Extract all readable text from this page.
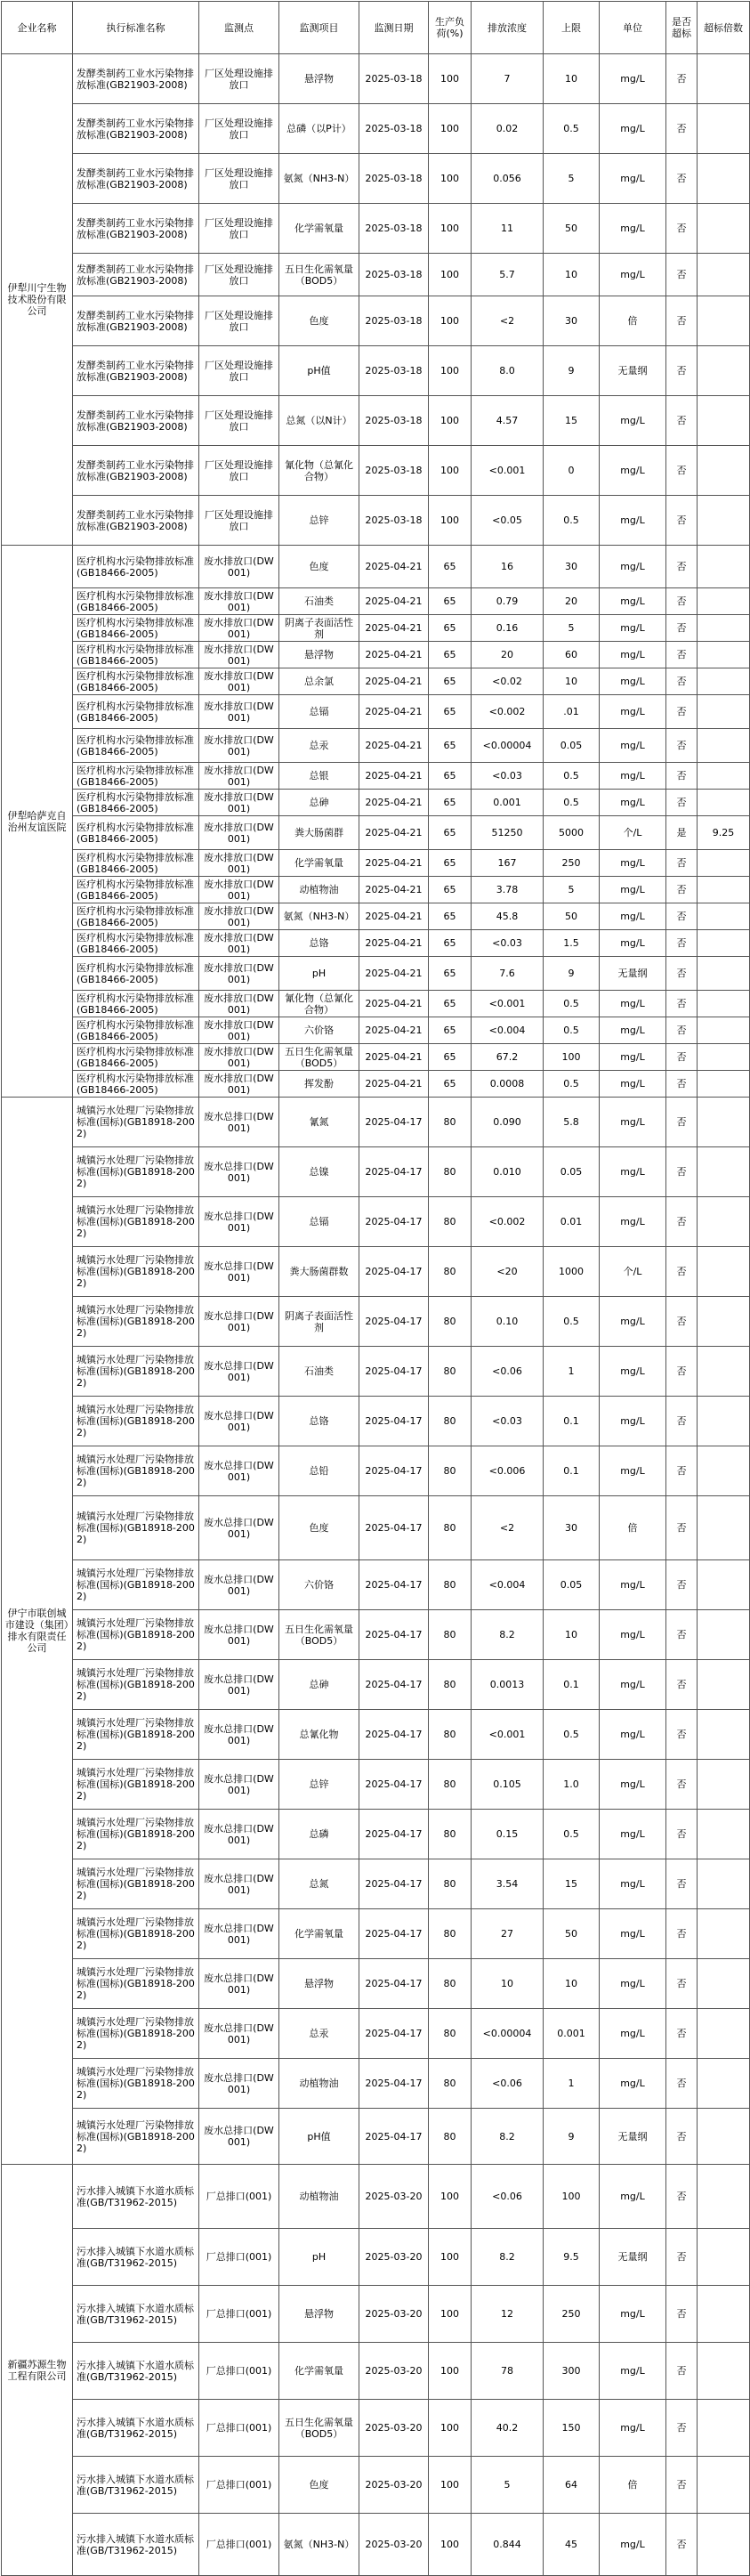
企业名称	执行标准名称	监测点	监测项目	监测日期	生产负荷(%)	排放浓度	上限	单位	是否超标	超标倍数
伊犁川宁生物技术股份有限公司	发酵类制药工业水污染物排放标准(GB21903-2008)	厂区处理设施排放口	悬浮物	2025-03-18	100	7	10	mg/L	否	
	发酵类制药工业水污染物排放标准(GB21903-2008)	厂区处理设施排放口	总磷（以P计）	2025-03-18	100	0.02	0.5	mg/L	否	
	发酵类制药工业水污染物排放标准(GB21903-2008)	厂区处理设施排放口	氨氮（NH3-N）	2025-03-18	100	0.056	5	mg/L	否	
	发酵类制药工业水污染物排放标准(GB21903-2008)	厂区处理设施排放口	化学需氧量	2025-03-18	100	11	50	mg/L	否	
	发酵类制药工业水污染物排放标准(GB21903-2008)	厂区处理设施排放口	五日生化需氧量（BOD5）	2025-03-18	100	5.7	10	mg/L	否	
	发酵类制药工业水污染物排放标准(GB21903-2008)	厂区处理设施排放口	色度	2025-03-18	100	<2	30	倍	否	
	发酵类制药工业水污染物排放标准(GB21903-2008)	厂区处理设施排放口	pH值	2025-03-18	100	8.0	9	无量纲	否	
	发酵类制药工业水污染物排放标准(GB21903-2008)	厂区处理设施排放口	总氮（以N计）	2025-03-18	100	4.57	15	mg/L	否	
	发酵类制药工业水污染物排放标准(GB21903-2008)	厂区处理设施排放口	氰化物（总氰化合物）	2025-03-18	100	<0.001	0	mg/L	否	
	发酵类制药工业水污染物排放标准(GB21903-2008)	厂区处理设施排放口	总锌	2025-03-18	100	<0.05	0.5	mg/L	否	
伊犁哈萨克自治州友谊医院	医疗机构水污染物排放标准(GB18466-2005)	废水排放口(DW001)	色度	2025-04-21	65	16	30	mg/L	否	
	医疗机构水污染物排放标准(GB18466-2005)	废水排放口(DW001)	石油类	2025-04-21	65	0.79	20	mg/L	否	
	医疗机构水污染物排放标准(GB18466-2005)	废水排放口(DW001)	阴离子表面活性剂	2025-04-21	65	0.16	5	mg/L	否	
	医疗机构水污染物排放标准(GB18466-2005)	废水排放口(DW001)	悬浮物	2025-04-21	65	20	60	mg/L	否	
	医疗机构水污染物排放标准(GB18466-2005)	废水排放口(DW001)	总余氯	2025-04-21	65	<0.02	10	mg/L	否	
	医疗机构水污染物排放标准(GB18466-2005)	废水排放口(DW001)	总镉	2025-04-21	65	<0.002	.01	mg/L	否	
	医疗机构水污染物排放标准(GB18466-2005)	废水排放口(DW001)	总汞	2025-04-21	65	<0.00004	0.05	mg/L	否	
	医疗机构水污染物排放标准(GB18466-2005)	废水排放口(DW001)	总银	2025-04-21	65	<0.03	0.5	mg/L	否	
	医疗机构水污染物排放标准(GB18466-2005)	废水排放口(DW001)	总砷	2025-04-21	65	0.001	0.5	mg/L	否	
	医疗机构水污染物排放标准(GB18466-2005)	废水排放口(DW001)	粪大肠菌群	2025-04-21	65	51250	5000	个/L	是	9.25
	医疗机构水污染物排放标准(GB18466-2005)	废水排放口(DW001)	化学需氧量	2025-04-21	65	167	250	mg/L	否	
	医疗机构水污染物排放标准(GB18466-2005)	废水排放口(DW001)	动植物油	2025-04-21	65	3.78	5	mg/L	否	
	医疗机构水污染物排放标准(GB18466-2005)	废水排放口(DW001)	氨氮（NH3-N）	2025-04-21	65	45.8	50	mg/L	否	
	医疗机构水污染物排放标准(GB18466-2005)	废水排放口(DW001)	总铬	2025-04-21	65	<0.03	1.5	mg/L	否	
	医疗机构水污染物排放标准(GB18466-2005)	废水排放口(DW001)	pH	2025-04-21	65	7.6	9	无量纲	否	
	医疗机构水污染物排放标准(GB18466-2005)	废水排放口(DW001)	氰化物（总氰化合物）	2025-04-21	65	<0.001	0.5	mg/L	否	
	医疗机构水污染物排放标准(GB18466-2005)	废水排放口(DW001)	六价铬	2025-04-21	65	<0.004	0.5	mg/L	否	
	医疗机构水污染物排放标准(GB18466-2005)	废水排放口(DW001)	五日生化需氧量（BOD5）	2025-04-21	65	67.2	100	mg/L	否	
	医疗机构水污染物排放标准(GB18466-2005)	废水排放口(DW001)	挥发酚	2025-04-21	65	0.0008	0.5	mg/L	否	
伊宁市联创城市建设（集团）排水有限责任公司	城镇污水处理厂污染物排放标准(国标)(GB18918-2002)	废水总排口(DW001)	氰氮	2025-04-17	80	0.090	5.8	mg/L	否	
	城镇污水处理厂污染物排放标准(国标)(GB18918-2002)	废水总排口(DW001)	总镍	2025-04-17	80	0.010	0.05	mg/L	否	
	城镇污水处理厂污染物排放标准(国标)(GB18918-2002)	废水总排口(DW001)	总镉	2025-04-17	80	<0.002	0.01	mg/L	否	
	城镇污水处理厂污染物排放标准(国标)(GB18918-2002)	废水总排口(DW001)	粪大肠菌群数	2025-04-17	80	<20	1000	个/L	否	
	城镇污水处理厂污染物排放标准(国标)(GB18918-2002)	废水总排口(DW001)	阴离子表面活性剂	2025-04-17	80	0.10	0.5	mg/L	否	
	城镇污水处理厂污染物排放标准(国标)(GB18918-2002)	废水总排口(DW001)	石油类	2025-04-17	80	<0.06	1	mg/L	否	
	城镇污水处理厂污染物排放标准(国标)(GB18918-2002)	废水总排口(DW001)	总铬	2025-04-17	80	<0.03	0.1	mg/L	否	
	城镇污水处理厂污染物排放标准(国标)(GB18918-2002)	废水总排口(DW001)	总铅	2025-04-17	80	<0.006	0.1	mg/L	否	
	城镇污水处理厂污染物排放标准(国标)(GB18918-2002)	废水总排口(DW001)	色度	2025-04-17	80	<2	30	倍	否	
	城镇污水处理厂污染物排放标准(国标)(GB18918-2002)	废水总排口(DW001)	六价铬	2025-04-17	80	<0.004	0.05	mg/L	否	
	城镇污水处理厂污染物排放标准(国标)(GB18918-2002)	废水总排口(DW001)	五日生化需氧量（BOD5）	2025-04-17	80	8.2	10	mg/L	否	
	城镇污水处理厂污染物排放标准(国标)(GB18918-2002)	废水总排口(DW001)	总砷	2025-04-17	80	0.0013	0.1	mg/L	否	
	城镇污水处理厂污染物排放标准(国标)(GB18918-2002)	废水总排口(DW001)	总氰化物	2025-04-17	80	<0.001	0.5	mg/L	否	
	城镇污水处理厂污染物排放标准(国标)(GB18918-2002)	废水总排口(DW001)	总锌	2025-04-17	80	0.105	1.0	mg/L	否	
	城镇污水处理厂污染物排放标准(国标)(GB18918-2002)	废水总排口(DW001)	总磷	2025-04-17	80	0.15	0.5	mg/L	否	
	城镇污水处理厂污染物排放标准(国标)(GB18918-2002)	废水总排口(DW001)	总氮	2025-04-17	80	3.54	15	mg/L	否	
	城镇污水处理厂污染物排放标准(国标)(GB18918-2002)	废水总排口(DW001)	化学需氧量	2025-04-17	80	27	50	mg/L	否	
	城镇污水处理厂污染物排放标准(国标)(GB18918-2002)	废水总排口(DW001)	悬浮物	2025-04-17	80	10	10	mg/L	否	
	城镇污水处理厂污染物排放标准(国标)(GB18918-2002)	废水总排口(DW001)	总汞	2025-04-17	80	<0.00004	0.001	mg/L	否	
	城镇污水处理厂污染物排放标准(国标)(GB18918-2002)	废水总排口(DW001)	动植物油	2025-04-17	80	<0.06	1	mg/L	否	
	城镇污水处理厂污染物排放标准(国标)(GB18918-2002)	废水总排口(DW001)	pH值	2025-04-17	80	8.2	9	无量纲	否	
新疆苏源生物工程有限公司	污水排入城镇下水道水质标准(GB/T31962-2015)	厂总排口(001)	动植物油	2025-03-20	100	<0.06	100	mg/L	否	
	污水排入城镇下水道水质标准(GB/T31962-2015)	厂总排口(001)	pH	2025-03-20	100	8.2	9.5	无量纲	否	
	污水排入城镇下水道水质标准(GB/T31962-2015)	厂总排口(001)	悬浮物	2025-03-20	100	12	250	mg/L	否	
	污水排入城镇下水道水质标准(GB/T31962-2015)	厂总排口(001)	化学需氧量	2025-03-20	100	78	300	mg/L	否	
	污水排入城镇下水道水质标准(GB/T31962-2015)	厂总排口(001)	五日生化需氧量（BOD5）	2025-03-20	100	40.2	150	mg/L	否	
	污水排入城镇下水道水质标准(GB/T31962-2015)	厂总排口(001)	色度	2025-03-20	100	5	64	倍	否	
	污水排入城镇下水道水质标准(GB/T31962-2015)	厂总排口(001)	氨氮（NH3-N）	2025-03-20	100	0.844	45	mg/L	否	
